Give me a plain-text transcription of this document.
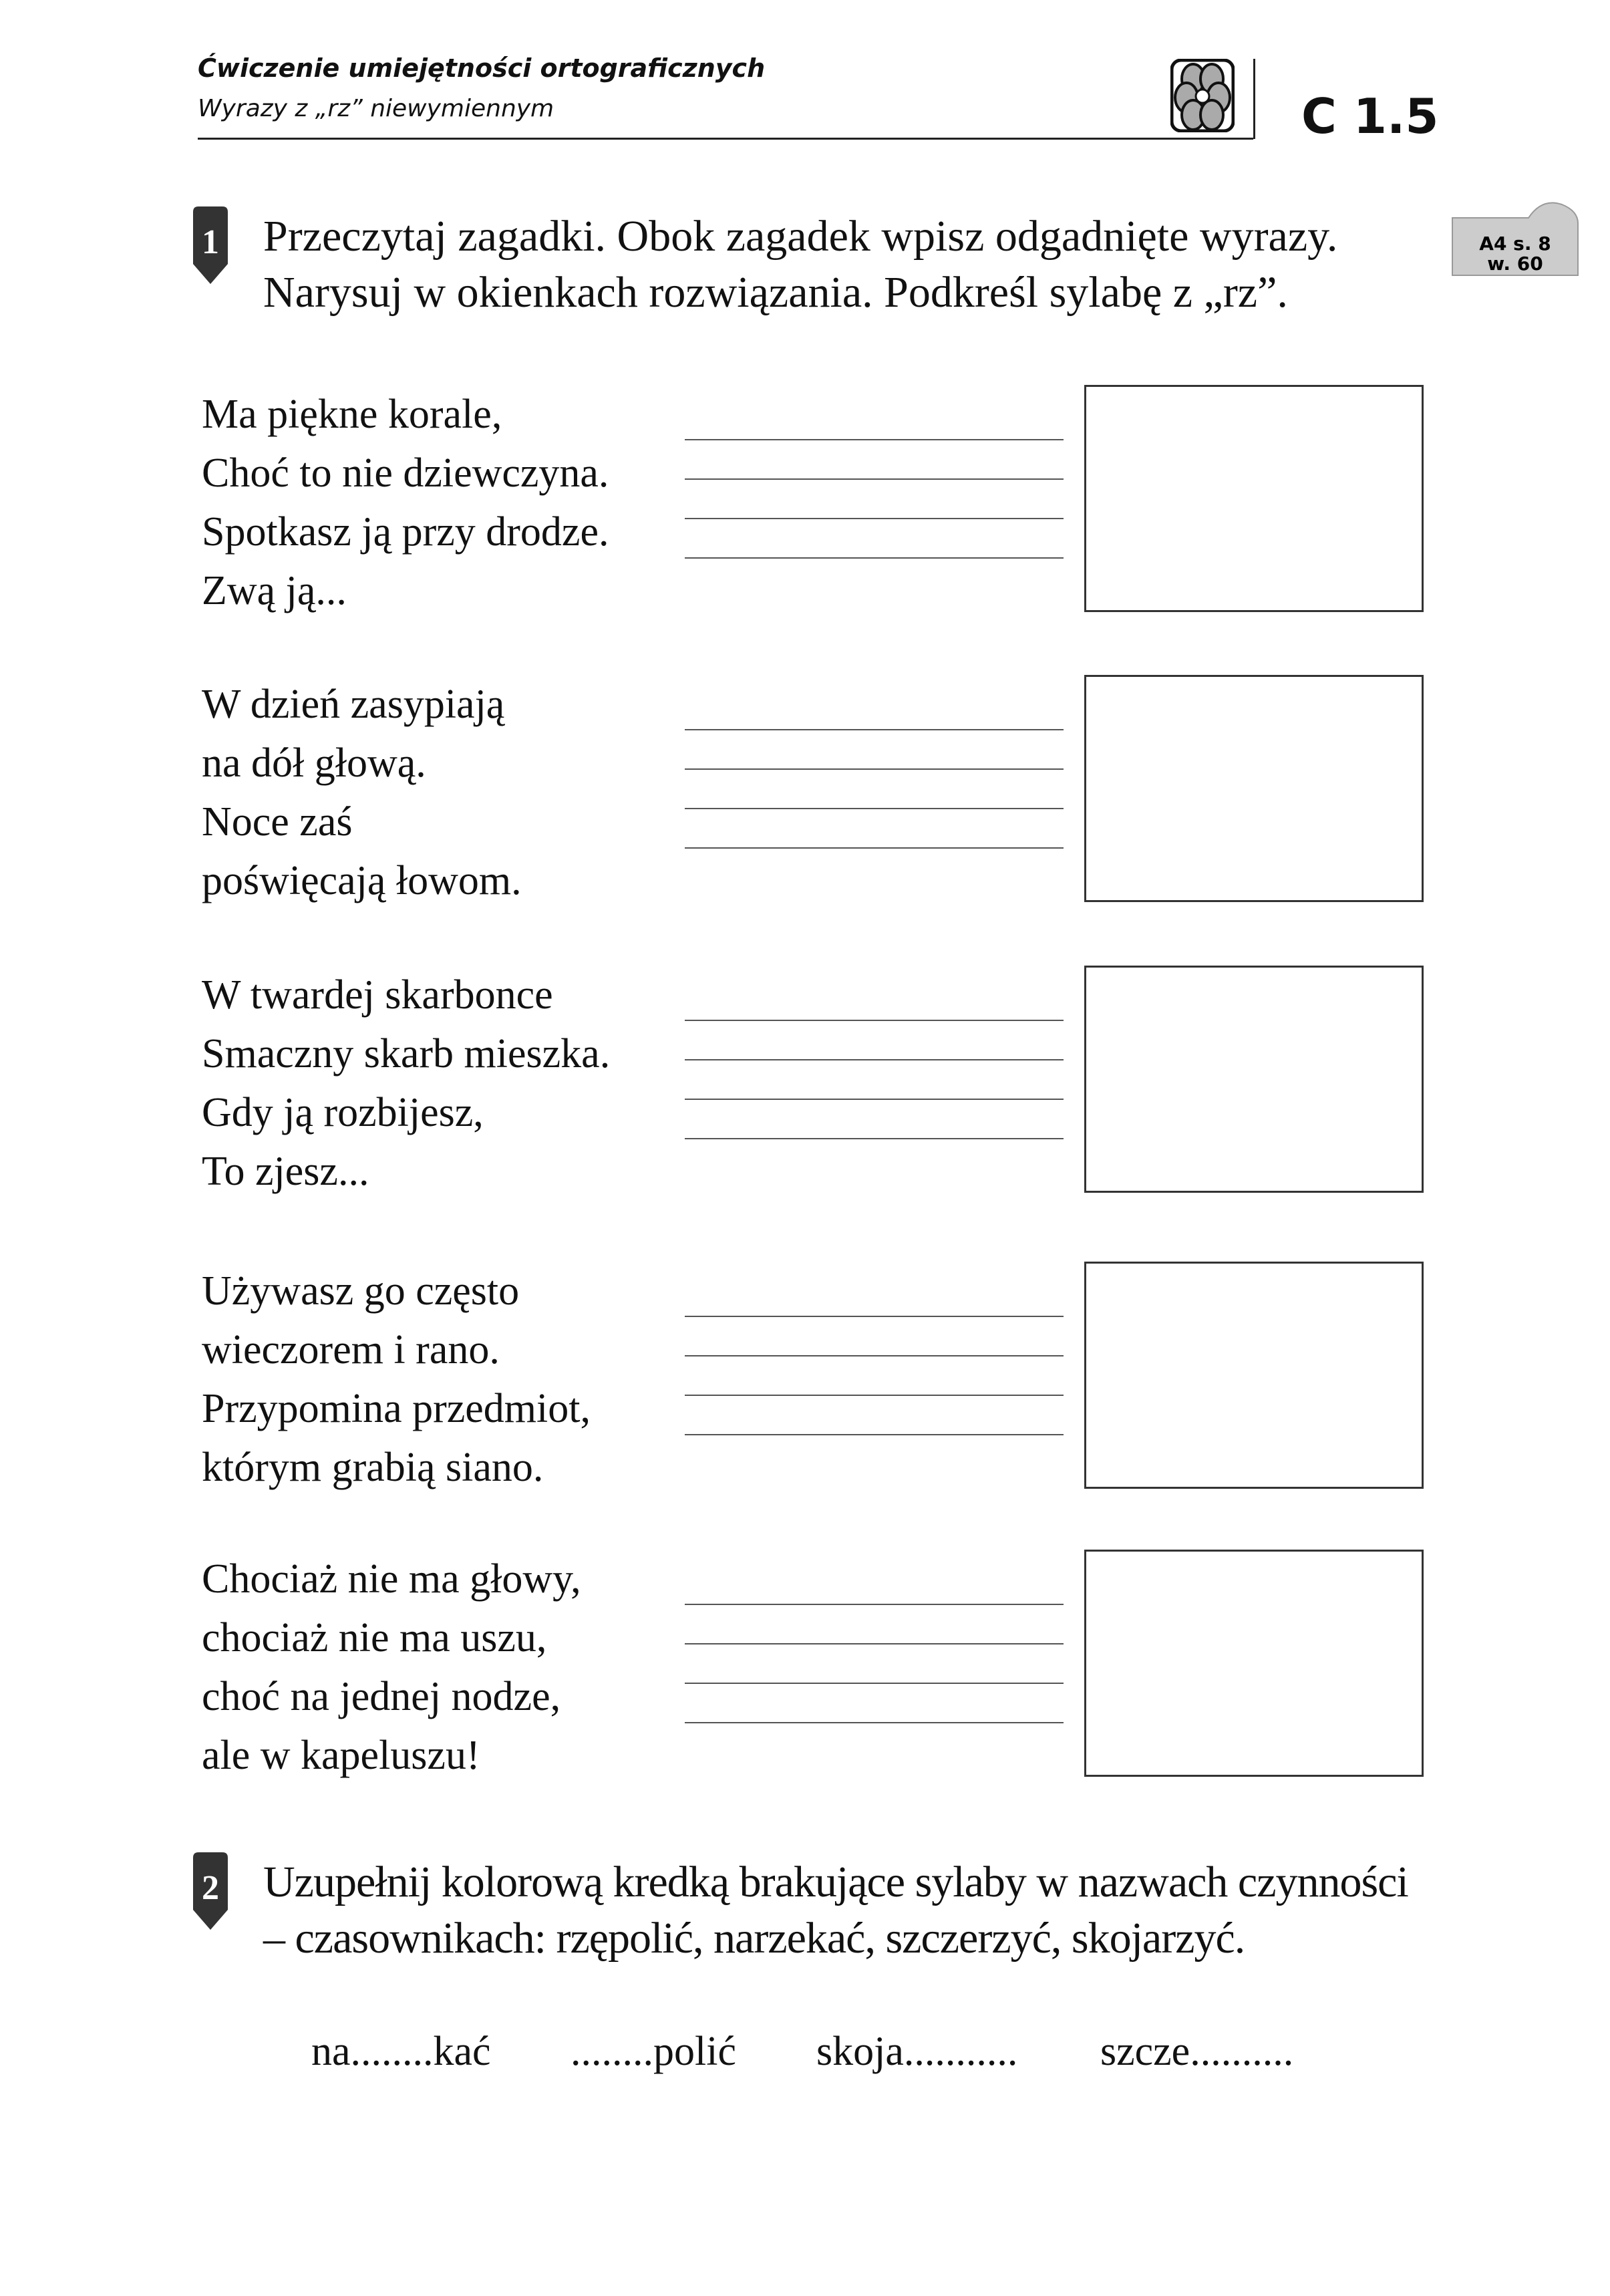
Ćwiczenie umiejętności ortograficznych
Wyrazy z „rz” niewymiennym	C 1.5
1 Przeczytaj zagadki. Obok zagadek wpisz odgadnięte wyrazy.
Narysuj w okienkach rozwiązania. Podkreśl sylabę z „rz”.
A4 s. 8
w. 60
Ma piękne korale,
Choć to nie dziewczyna.
Spotkasz ją przy drodze.
Zwą ją...
W dzień zasypiają
na dół głową.
Noce zaś
poświęcają łowom.
W twardej skarbonce
Smaczny skarb mieszka.
Gdy ją rozbijesz,
To zjesz...
Używasz go często
wieczorem i rano.
Przypomina przedmiot,
którym grabią siano.
Chociaż nie ma głowy,
chociaż nie ma uszu,
choć na jednej nodze,
ale w kapeluszu!
2 Uzupełnij kolorową kredką brakujące sylaby w nazwach czynności
– czasownikach: rzępolić, narzekać, szczerzyć, skojarzyć.
na........kać ........polić skoja........... szcze..........
